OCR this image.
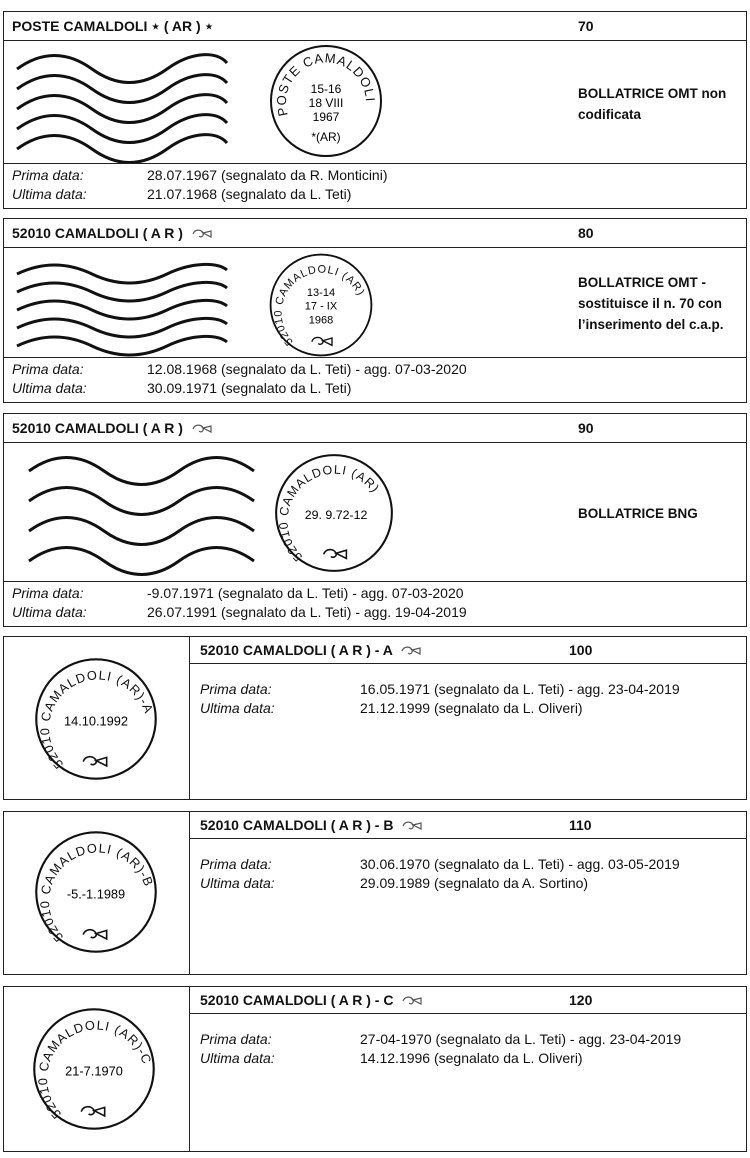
POSTE CAMALDOLI ⋆ ( AR ) ⋆	70
POSTE CAMALDOLI
15-16
18 VIII
1967
*(AR)
BOLLATRICE OMT non codificata
Prima data:	28.07.1967 (segnalato da R. Monticini)
Ultima data:	21.07.1968 (segnalato da L. Teti)
52010 CAMALDOLI ( A R )	80
52010 CAMALDOLI (AR)
13-14
17 - IX
1968
BOLLATRICE OMT - sostituisce il n. 70 con l’inserimento del c.a.p.
Prima data:	12.08.1968 (segnalato da L. Teti) - agg. 07-03-2020
Ultima data:	30.09.1971 (segnalato da L. Teti)
52010 CAMALDOLI ( A R )	90
52010 CAMALDOLI (AR)
29. 9.72-12	BOLLATRICE BNG
Prima data:	-9.07.1971 (segnalato da L. Teti) - agg. 07-03-2020
Ultima data:	26.07.1991 (segnalato da L. Teti) - agg. 19-04-2019
52010 CAMALDOLI (AR)-A
14.10.1992
52010 CAMALDOLI ( A R ) - A	100
Prima data:	16.05.1971 (segnalato da L. Teti) - agg. 23-04-2019
Ultima data:	21.12.1999 (segnalato da L. Oliveri)
52010 CAMALDOLI (AR)-B
-5.-1.1989
52010 CAMALDOLI ( A R ) - B	110
Prima data:	30.06.1970 (segnalato da L. Teti) - agg. 03-05-2019
Ultima data:	29.09.1989 (segnalato da A. Sortino)
52010 CAMALDOLI (AR)-C
21-7.1970
52010 CAMALDOLI ( A R ) - C	120
Prima data:	27-04-1970 (segnalato da L. Teti) - agg. 23-04-2019
Ultima data:	14.12.1996 (segnalato da L. Oliveri)
